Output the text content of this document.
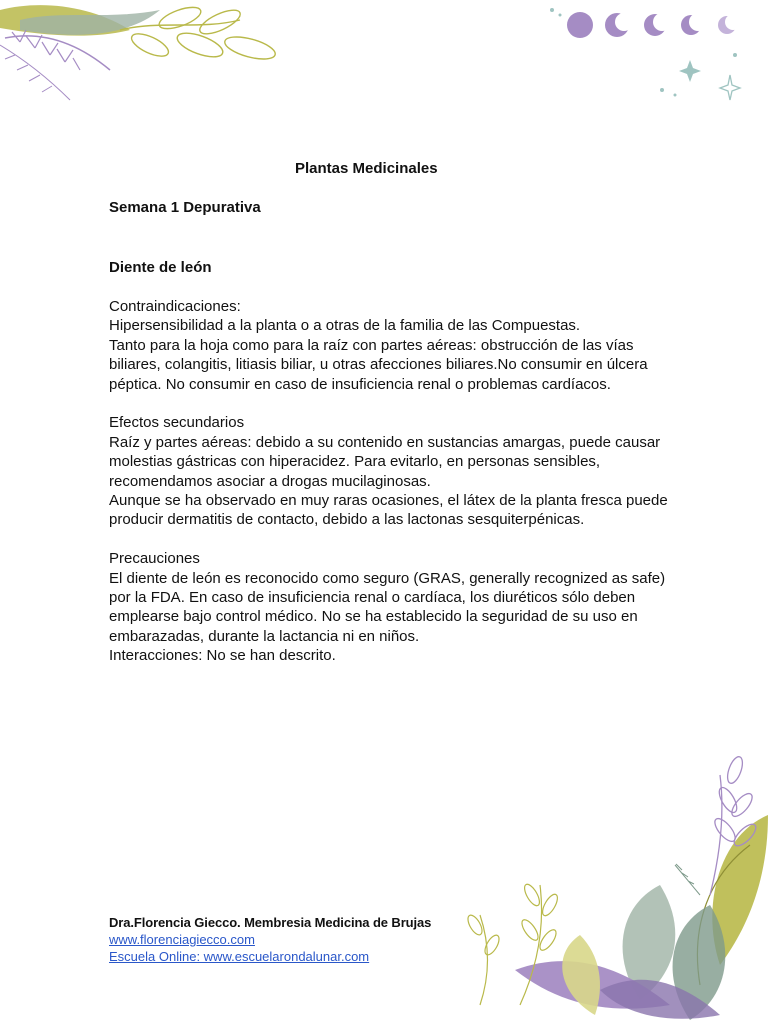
Plantas Medicinales
Semana 1 Depurativa
Diente de león

Contraindicaciones:

Hipersensibilidad a la planta o a otras de la familia de las Compuestas.

Tanto para la hoja como para la raíz con partes aéreas: obstrucción de las vías biliares, colangitis, litiasis biliar, u otras afecciones biliares.No consumir en úlcera péptica. No consumir en caso de insuficiencia renal o problemas cardíacos.

Efectos secundarios

Raíz y partes aéreas: debido a su contenido en sustancias amargas, puede causar molestias gástricas con hiperacidez. Para evitarlo, en personas sensibles, recomendamos asociar a drogas mucilaginosas.

Aunque se ha observado en muy raras ocasiones, el látex de la planta fresca puede producir dermatitis de contacto, debido a las lactonas sesquiterpénicas.

Precauciones

El diente de león es reconocido como seguro (GRAS, generally recognized as safe) por la FDA. En caso de insuficiencia renal o cardíaca, los diuréticos sólo deben emplearse bajo control médico. No se ha establecido la seguridad de su uso en embarazadas, durante la lactancia ni en niños.

Interacciones: No se han descrito.

Dra.Florencia Giecco. Membresia Medicina de Brujas
www.florenciagiecco.com
Escuela Online: www.escuelarondalunar.com
